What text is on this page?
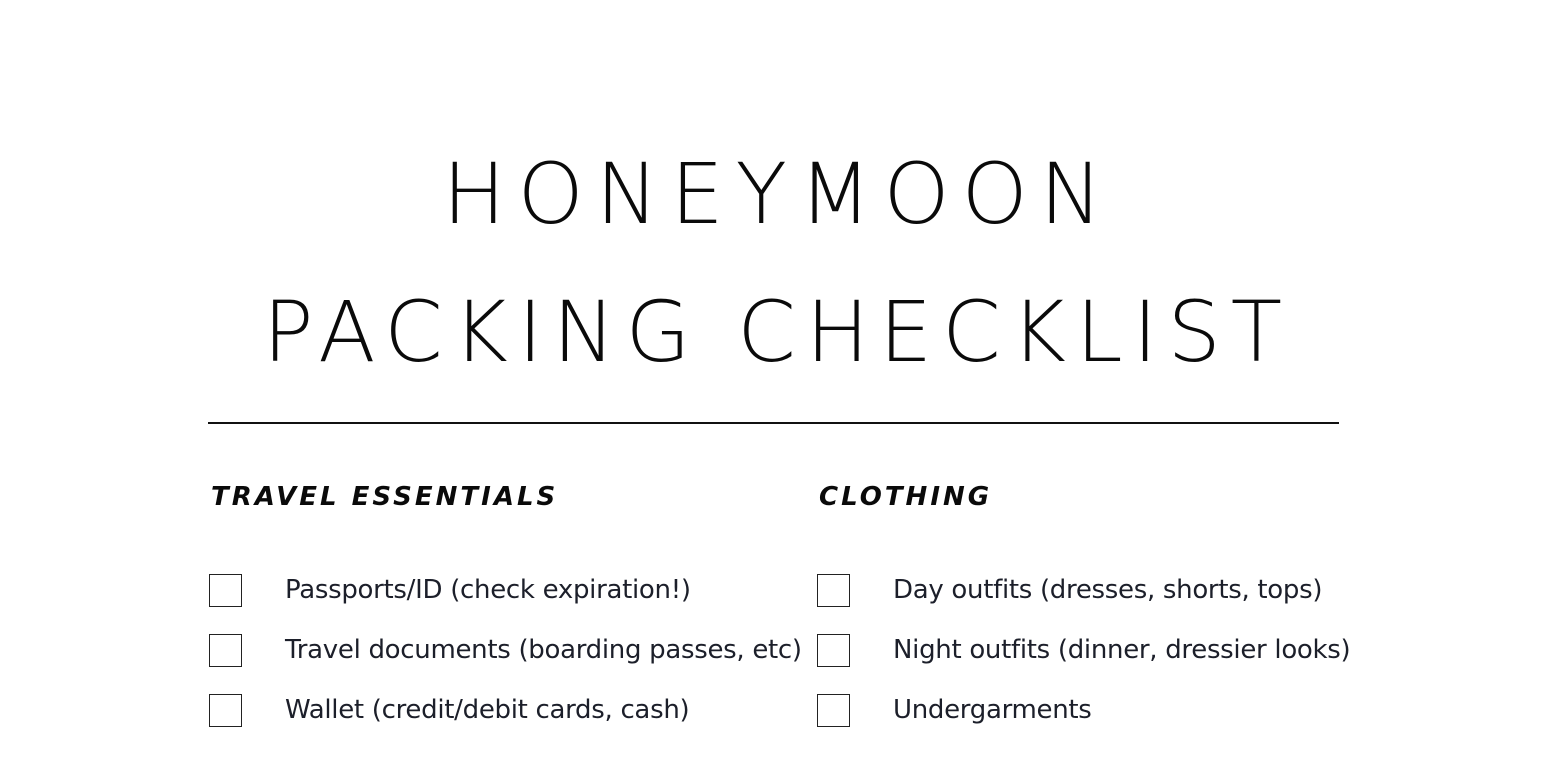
HONEYMOON
PACKING CHECKLIST
TRAVEL ESSENTIALS	CLOTHING
Passports/ID (check expiration!)
Travel documents (boarding passes, etc)
Wallet (credit/debit cards, cash)
Day outfits (dresses, shorts, tops)
Night outfits (dinner, dressier looks)
Undergarments
